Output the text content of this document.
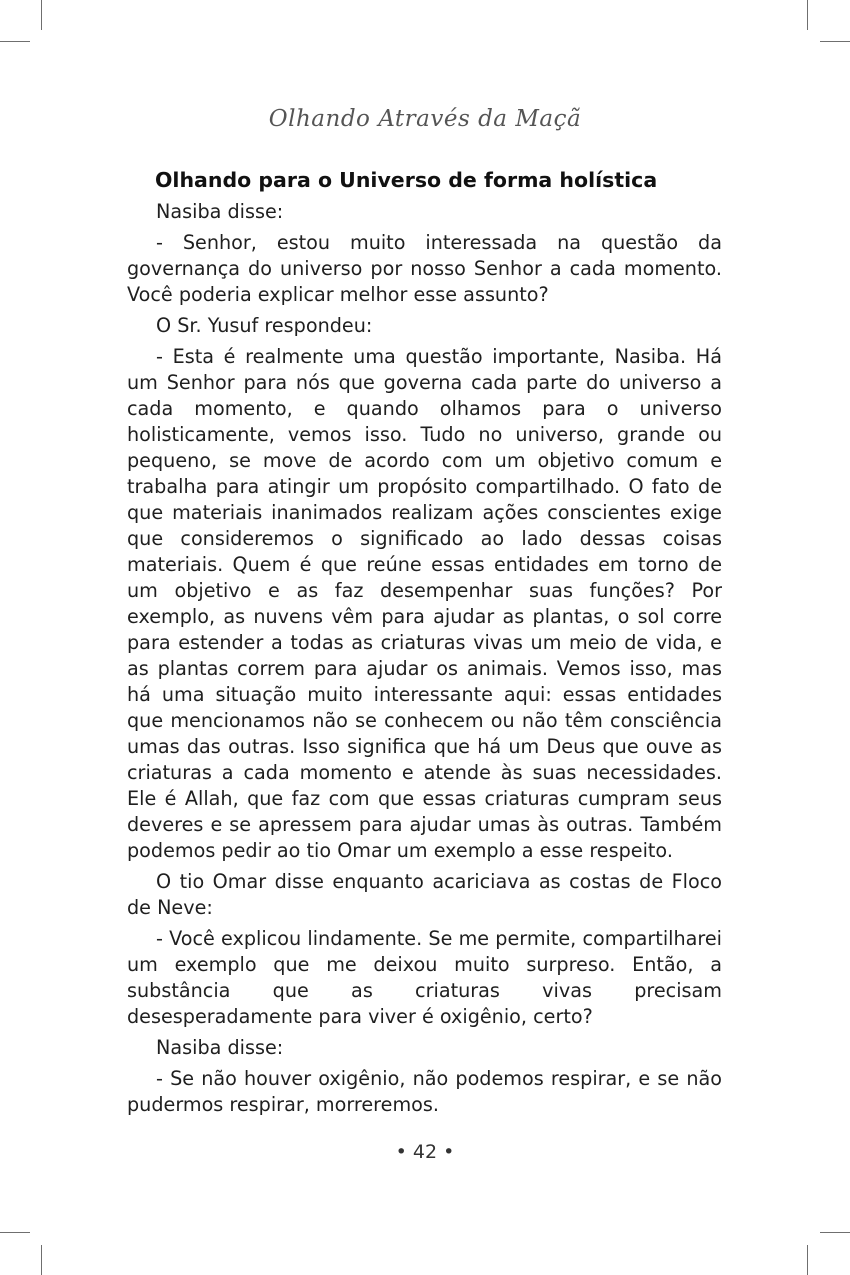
Olhando Através da Maçã
Olhando para o Universo de forma holística

Nasiba disse:

- Senhor, estou muito interessada na questão da governança do universo por nosso Senhor a cada momento. Você poderia explicar melhor esse assunto?

O Sr. Yusuf respondeu:

- Esta é realmente uma questão importante, Nasiba. Há um Senhor para nós que governa cada parte do universo a cada momento, e quando olhamos para o universo holisticamente, vemos isso. Tudo no universo, grande ou pequeno, se move de acordo com um objetivo comum e trabalha para atingir um propósito compartilhado. O fato de que materiais inanimados realizam ações conscientes exige que consideremos o significado ao lado dessas coisas materiais. Quem é que reúne essas entidades em torno de um objetivo e as faz desempenhar suas funções? Por exemplo, as nuvens vêm para ajudar as plantas, o sol corre para estender a todas as criaturas vivas um meio de vida, e as plantas correm para ajudar os animais. Vemos isso, mas há uma situação muito interessante aqui: essas entidades que mencionamos não se conhecem ou não têm consciência umas das outras. Isso significa que há um Deus que ouve as criaturas a cada momento e atende às suas necessidades. Ele é Allah, que faz com que essas criaturas cumpram seus deveres e se apressem para ajudar umas às outras. Também podemos pedir ao tio Omar um exemplo a esse respeito.

O tio Omar disse enquanto acariciava as costas de Floco de Neve:

- Você explicou lindamente. Se me permite, compartilharei um exemplo que me deixou muito surpreso. Então, a substância que as criaturas vivas precisam desesperadamente para viver é oxigênio, certo?

Nasiba disse:

- Se não houver oxigênio, não podemos respirar, e se não pudermos respirar, morreremos.

• 42 •
